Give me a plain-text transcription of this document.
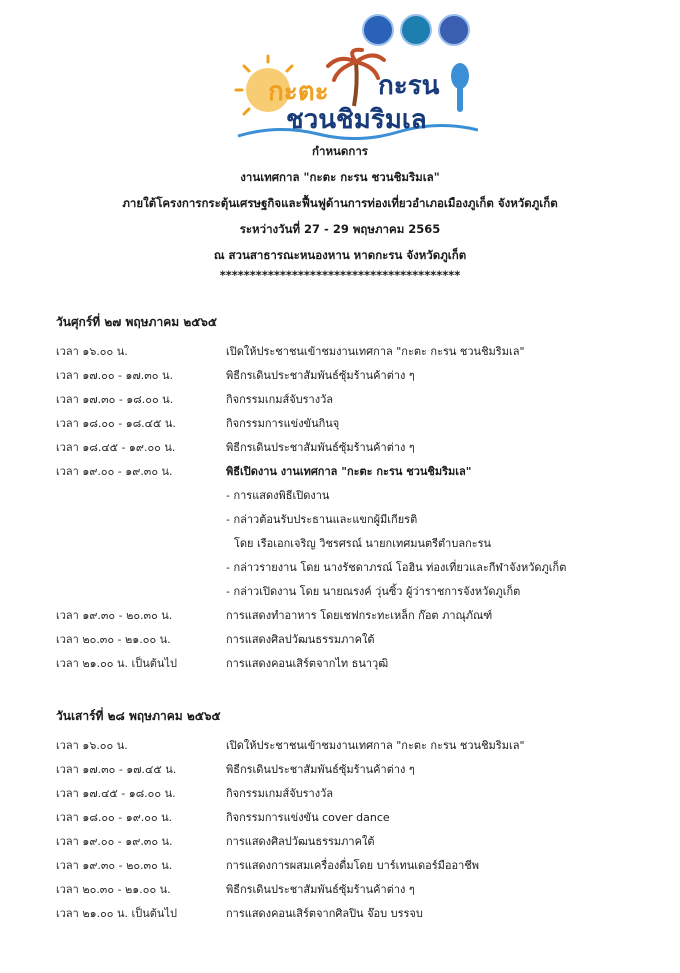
กะตะ กะรน
ชวนชิมริมเล
กำหนดการ
งานเทศกาล "กะตะ กะรน ชวนชิมริมเล"
ภายใต้โครงการกระตุ้นเศรษฐกิจและฟื้นฟูด้านการท่องเที่ยวอำเภอเมืองภูเก็ต จังหวัดภูเก็ต
ระหว่างวันที่ 27 - 29 พฤษภาคม 2565
ณ สวนสาธารณะหนองหาน หาดกะรน จังหวัดภูเก็ต
****************************************
วันศุกร์ที่ ๒๗ พฤษภาคม ๒๕๖๕
เวลา ๑๖.๐๐ น.	เปิดให้ประชาชนเข้าชมงานเทศกาล "กะตะ กะรน ชวนชิมริมเล"
เวลา ๑๗.๐๐ - ๑๗.๓๐ น.	พิธีกรเดินประชาสัมพันธ์ซุ้มร้านค้าต่าง ๆ
เวลา ๑๗.๓๐ - ๑๘.๐๐ น.	กิจกรรมเกมส์จับรางวัล
เวลา ๑๘.๐๐ - ๑๘.๔๕ น.	กิจกรรมการแข่งขันกินจุ
เวลา ๑๘.๔๕ - ๑๙.๐๐ น.	พิธีกรเดินประชาสัมพันธ์ซุ้มร้านค้าต่าง ๆ
เวลา ๑๙.๐๐ - ๑๙.๓๐ น.	พิธีเปิดงาน งานเทศกาล "กะตะ กะรน ชวนชิมริมเล"
- การแสดงพิธีเปิดงาน
- กล่าวต้อนรับประธานและแขกผู้มีเกียรติ
โดย เรือเอกเจริญ วิชรศรณ์ นายกเทศมนตรีตำบลกะรน
- กล่าวรายงาน โดย นางรัชดาภรณ์ โอฮิน ท่องเที่ยวและกีฬาจังหวัดภูเก็ต
- กล่าวเปิดงาน โดย นายณรงค์ วุ่นซิ้ว ผู้ว่าราชการจังหวัดภูเก็ต
เวลา ๑๙.๓๐ - ๒๐.๓๐ น.	การแสดงทำอาหาร โดยเชฟกระทะเหล็ก ก๊อต ภาณุภัณฑ์
เวลา ๒๐.๓๐ - ๒๑.๐๐ น.	การแสดงศิลปวัฒนธรรมภาคใต้
เวลา ๒๑.๐๐ น. เป็นต้นไป	การแสดงคอนเสิร์ตจากไท ธนาวุฒิ
วันเสาร์ที่ ๒๘ พฤษภาคม ๒๕๖๕
เวลา ๑๖.๐๐ น.	เปิดให้ประชาชนเข้าชมงานเทศกาล "กะตะ กะรน ชวนชิมริมเล"
เวลา ๑๗.๓๐ - ๑๗.๔๕ น.	พิธีกรเดินประชาสัมพันธ์ซุ้มร้านค้าต่าง ๆ
เวลา ๑๗.๔๕ - ๑๘.๐๐ น.	กิจกรรมเกมส์จับรางวัล
เวลา ๑๘.๐๐ - ๑๙.๐๐ น.	กิจกรรมการแข่งขัน cover dance
เวลา ๑๙.๐๐ - ๑๙.๓๐ น.	การแสดงศิลปวัฒนธรรมภาคใต้
เวลา ๑๙.๓๐ - ๒๐.๓๐ น.	การแสดงการผสมเครื่องดื่มโดย บาร์เทนเดอร์มืออาชีพ
เวลา ๒๐.๓๐ - ๒๑.๐๐ น.	พิธีกรเดินประชาสัมพันธ์ซุ้มร้านค้าต่าง ๆ
เวลา ๒๑.๐๐ น. เป็นต้นไป	การแสดงคอนเสิร์ตจากศิลปิน จ๊อบ บรรจบ
